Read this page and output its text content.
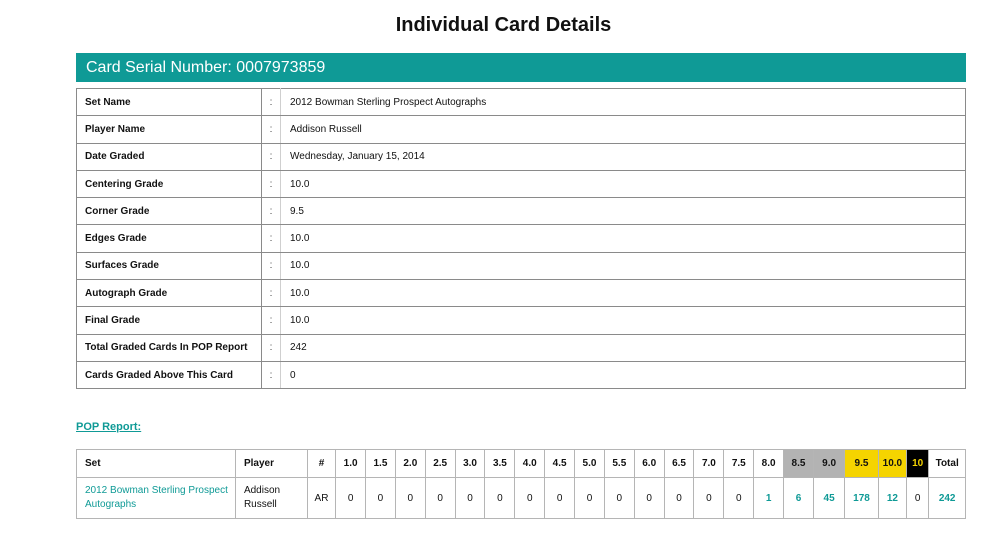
Individual Card Details
Card Serial Number: 0007973859
Set Name	:	2012 Bowman Sterling Prospect Autographs
Player Name	:	Addison Russell
Date Graded	:	Wednesday, January 15, 2014
Centering Grade	:	10.0
Corner Grade	:	9.5
Edges Grade	:	10.0
Surfaces Grade	:	10.0
Autograph Grade	:	10.0
Final Grade	:	10.0
Total Graded Cards In POP Report	:	242
Cards Graded Above This Card	:	0
POP Report:
Set	Player	#	1.0	1.5	2.0	2.5	3.0	3.5	4.0	4.5	5.0	5.5	6.0	6.5	7.0	7.5	8.0	8.5	9.0	9.5	10.0	10	Total
2012 Bowman Sterling Prospect Autographs	Addison Russell	AR	0	0	0	0	0	0	0	0	0	0	0	0	0	0	1	6	45	178	12	0	242
